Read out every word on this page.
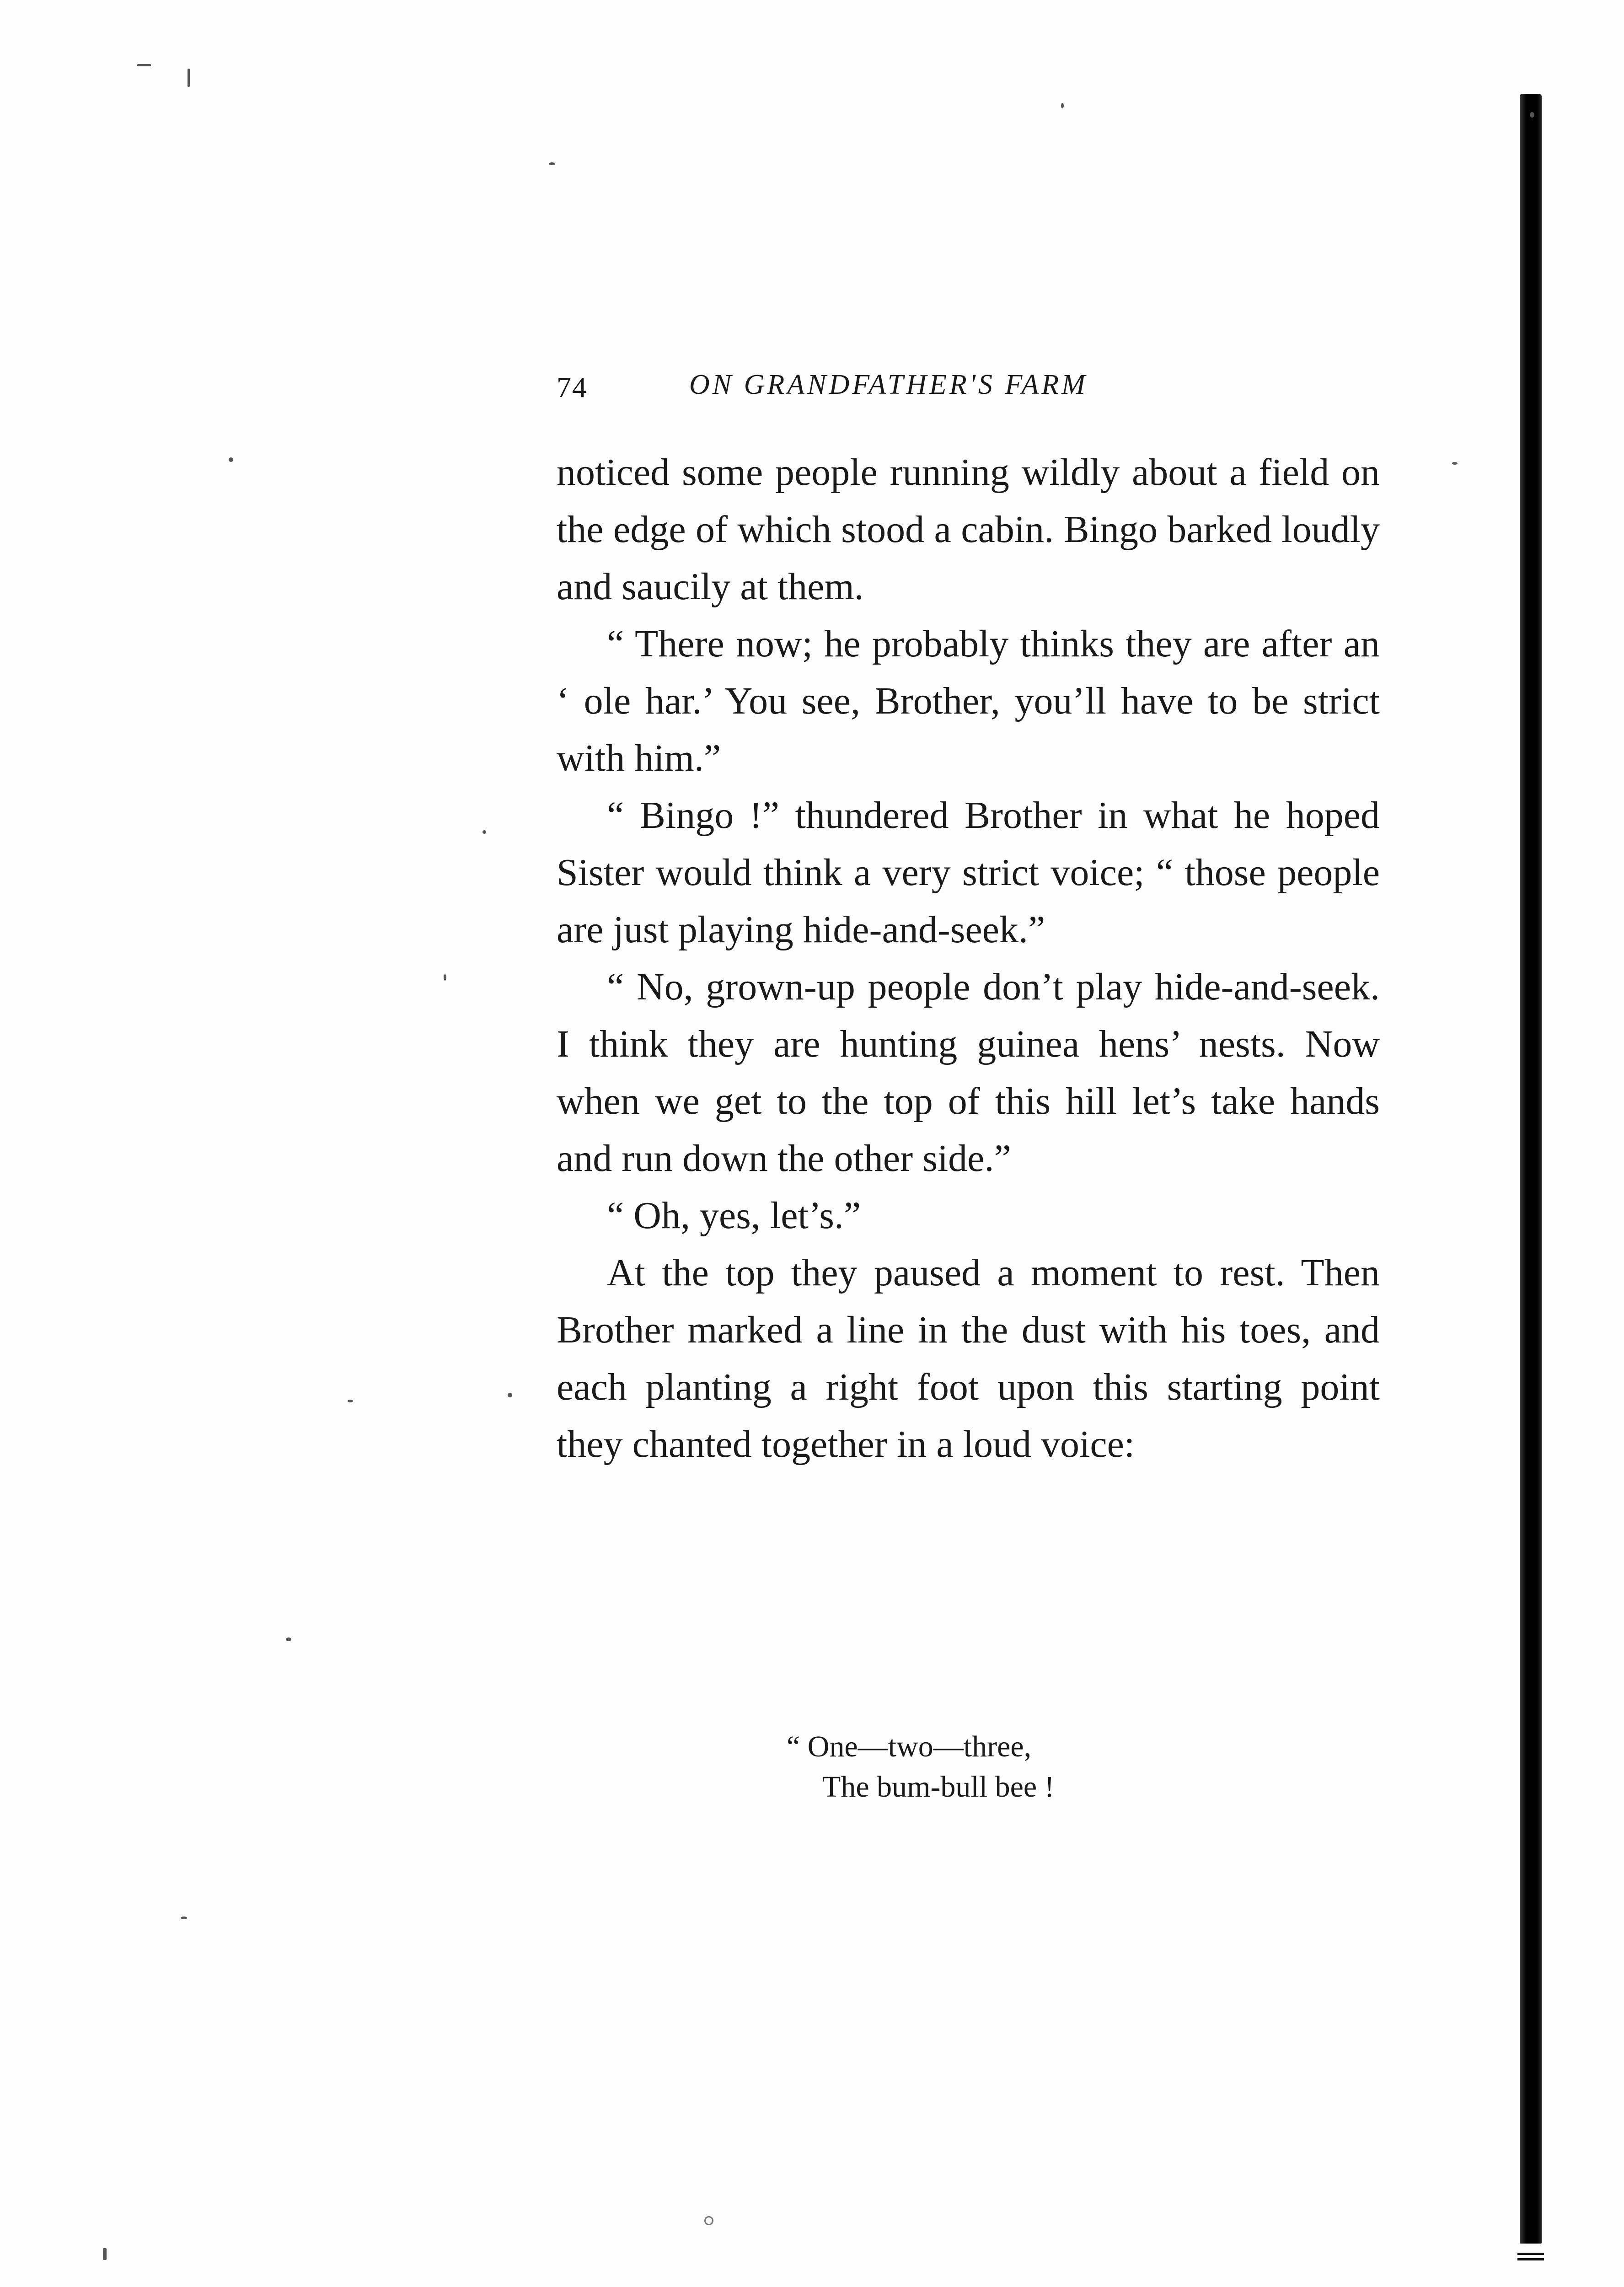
74	ON GRANDFATHER'S FARM

noticed some people running wildly about a field on the edge of which stood a cabin. Bingo barked loudly and saucily at them.

“ There now; he probably thinks they are after an ‘ ole har.’ You see, Brother, you’ll have to be strict with him.”

“ Bingo !” thundered Brother in what he hoped Sister would think a very strict voice; “ those people are just playing hide-and-seek.”

“ No, grown-up people don’t play hide-and-seek. I think they are hunting guinea hens’ nests. Now when we get to the top of this hill let’s take hands and run down the other side.”

“ Oh, yes, let’s.”

At the top they paused a moment to rest. Then Brother marked a line in the dust with his toes, and each planting a right foot upon this starting point they chanted together in a loud voice:

“ One—two—three,
The bum-bull bee !
